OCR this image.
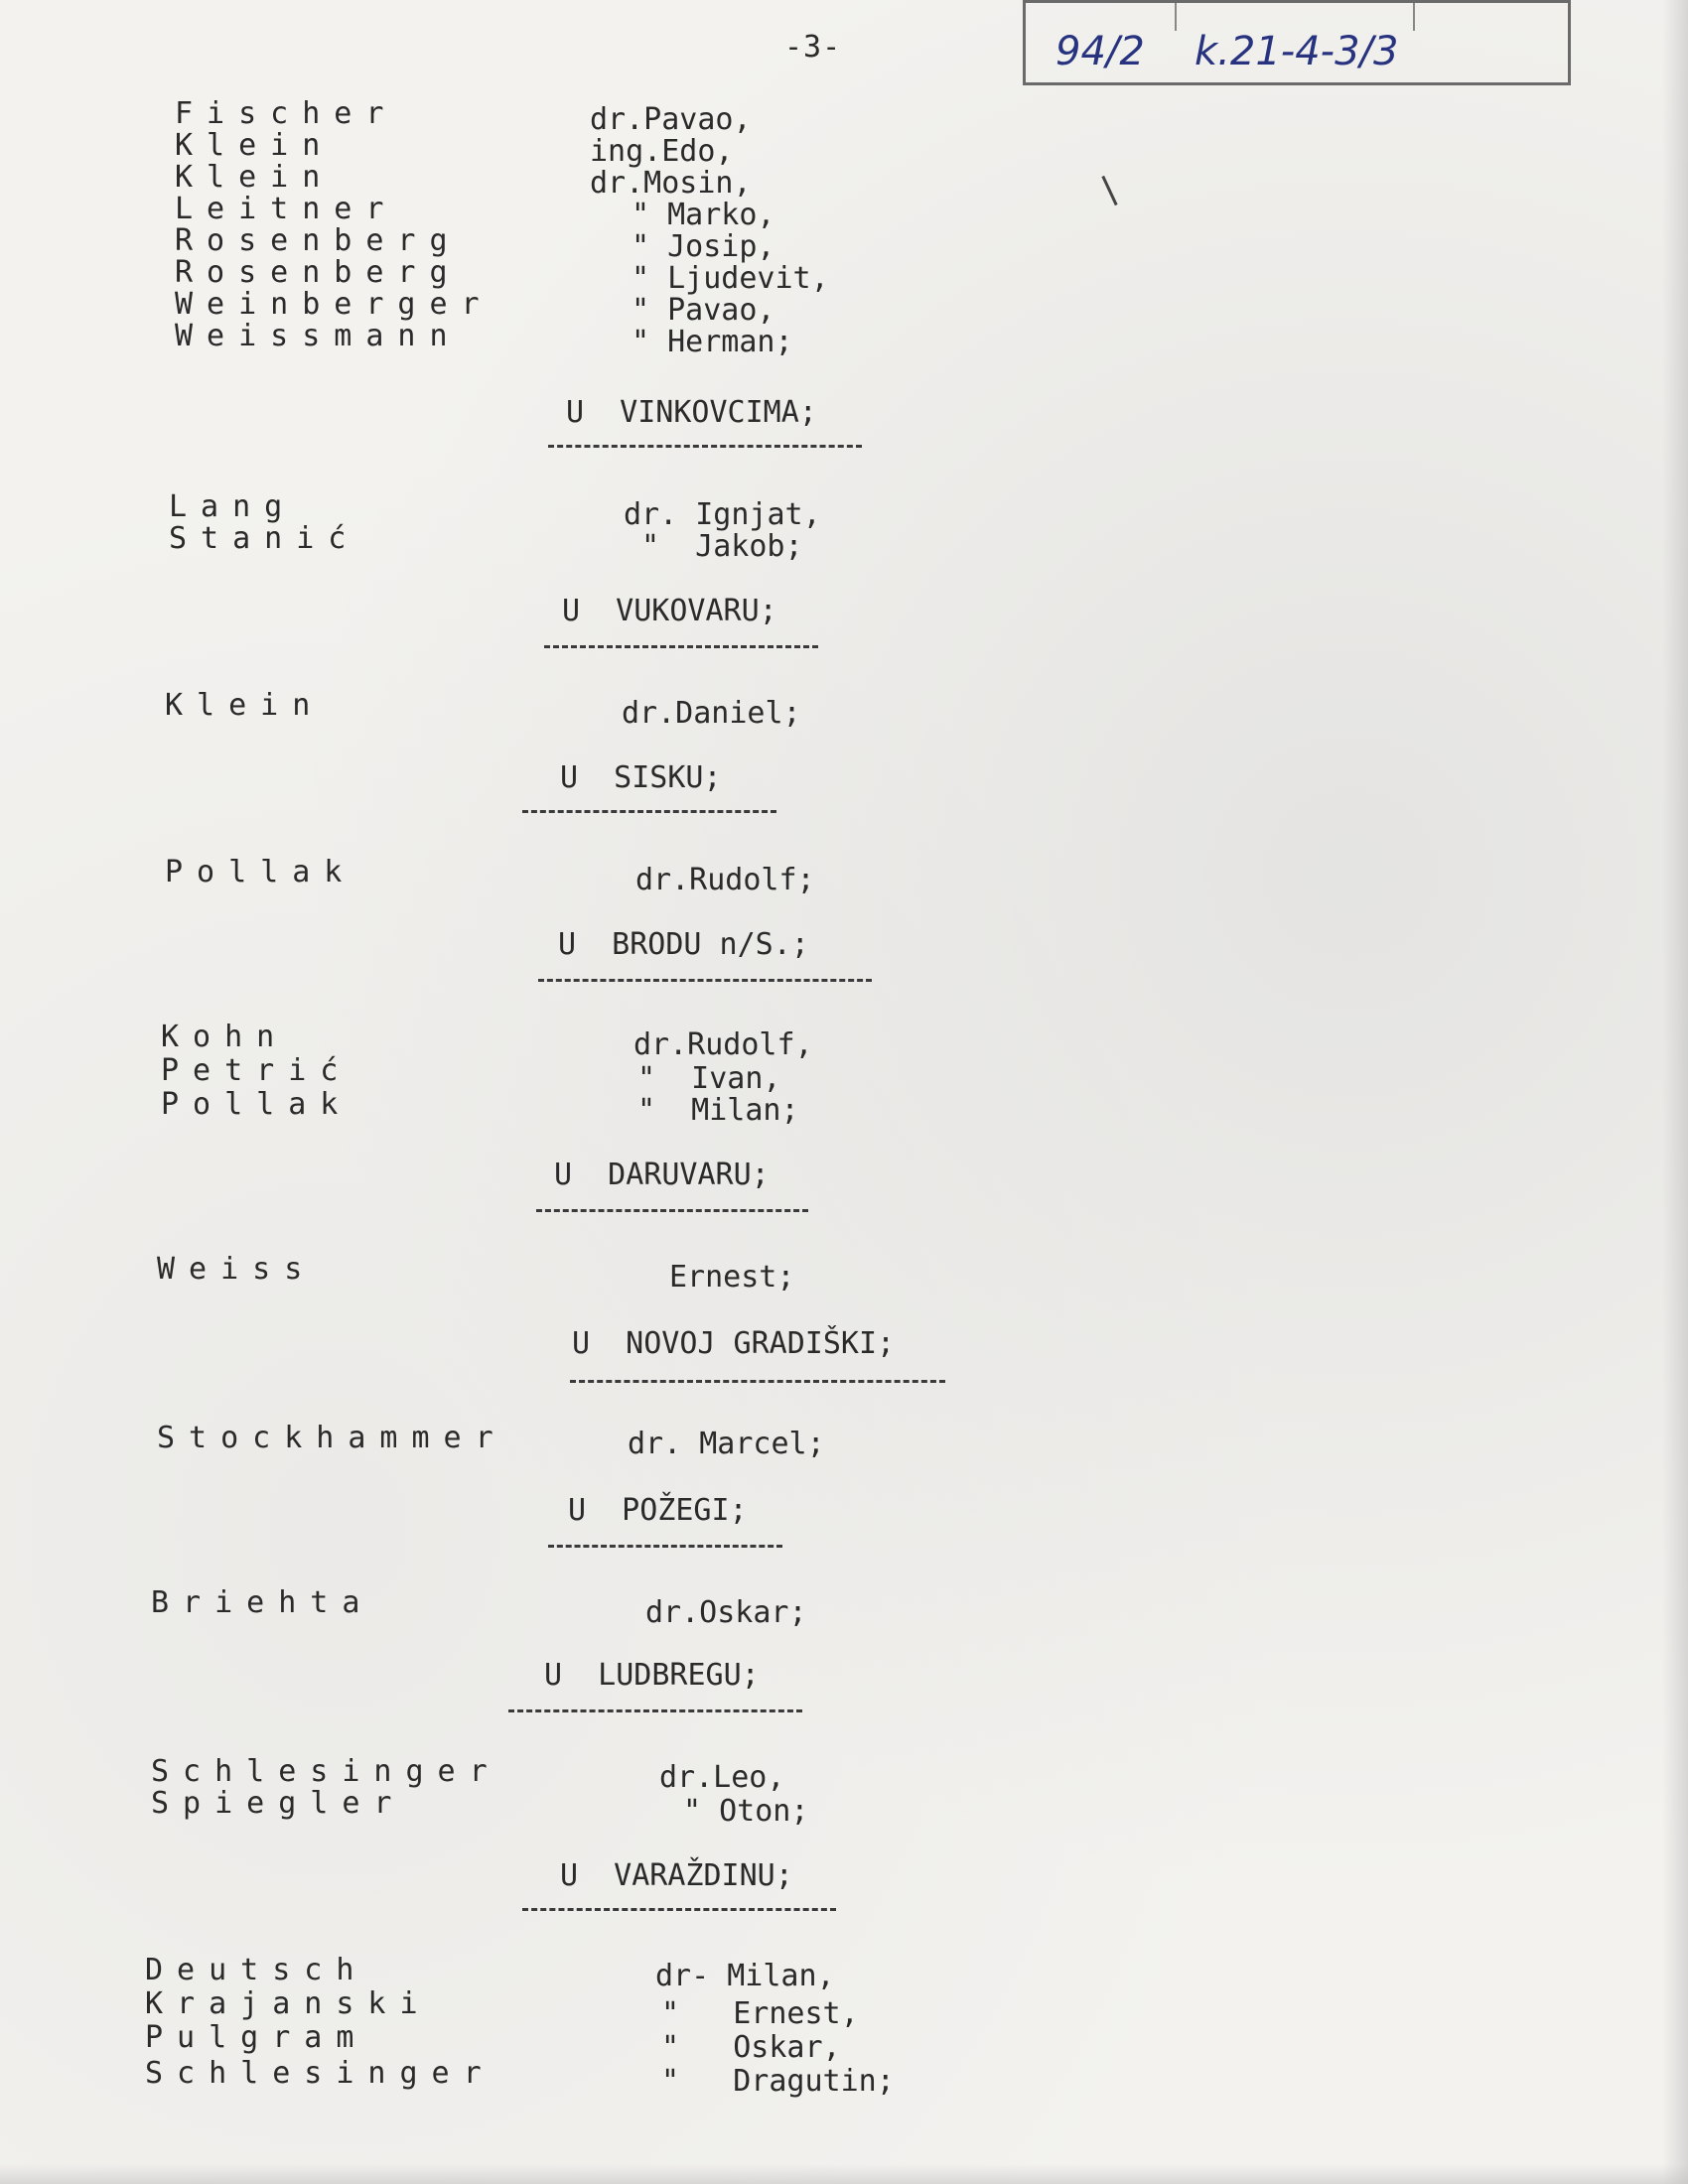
-3-	94/2 k.21-4-3/3
Fischer	dr.Pavao,
Klein	ing.Edo,
Klein	dr.Mosin,
Leitner	" Marko,
Rosenberg	" Josip,
Rosenberg	" Ljudevit,
Weinberger	" Pavao,
Weissmann	" Herman;
U  VINKOVCIMA;
Lang	dr. Ignjat,
Stanić	"  Jakob;
U  VUKOVARU;
Klein	dr.Daniel;
U  SISKU;
Pollak	dr.Rudolf;
U  BRODU n/S.;
Kohn	dr.Rudolf,
Petrić	"  Ivan,
Pollak	"  Milan;
U  DARUVARU;
Weiss	Ernest;
U  NOVOJ GRADIŠKI;
Stockhammer	dr. Marcel;
U  POŽEGI;
Briehta	dr.Oskar;
U  LUDBREGU;
Schlesinger	dr.Leo,
Spiegler	" Oton;
U  VARAŽDINU;
Deutsch	dr- Milan,
Krajanski	"   Ernest,
Pulgram	"   Oskar,
Schlesinger	"   Dragutin;
